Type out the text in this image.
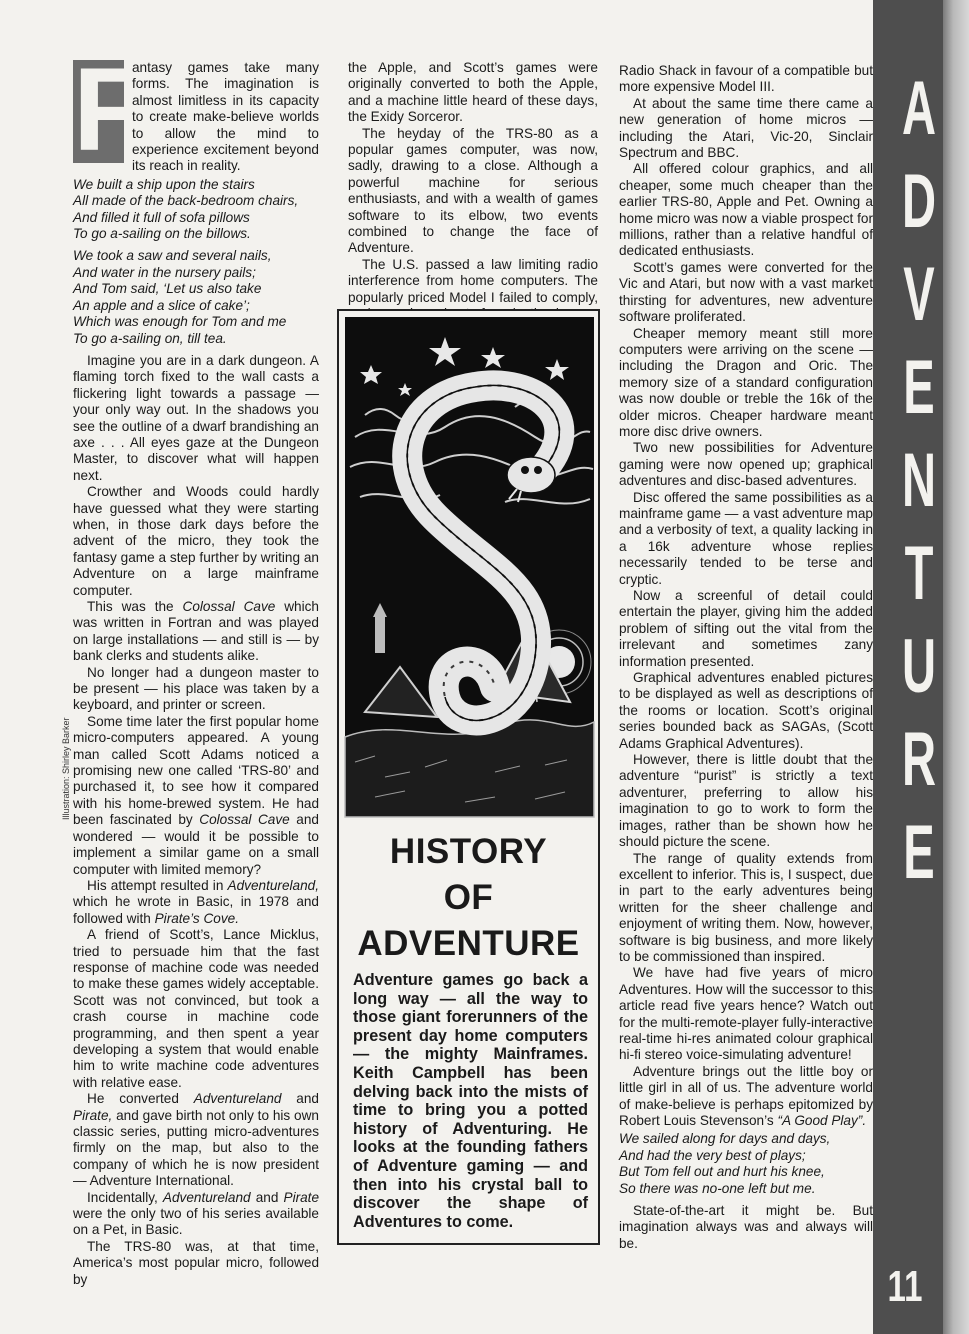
F

antasy games take many forms. The imagination is almost limitless in its capacity to create make-believe worlds to allow the mind to experience excitement beyond its reach in reality.

We built a ship upon the stairs
All made of the back-bedroom chairs,
And filled it full of sofa pillows
To go a-sailing on the billows.
We took a saw and several nails,
And water in the nursery pails;
And Tom said, ‘Let us also take
An apple and a slice of cake’;
Which was enough for Tom and me
To go a-sailing on, till tea.

Imagine you are in a dark dungeon. A flaming torch fixed to the wall casts a flickering light towards a passage — your only way out. In the shadows you see the outline of a dwarf brandishing an axe . . . All eyes gaze at the Dungeon Master, to discover what will happen next.

Crowther and Woods could hardly have guessed what they were starting when, in those dark days before the advent of the micro, they took the fantasy game a step further by writing an Adventure on a large mainframe computer.

This was the Colossal Cave which was written in Fortran and was played on large installations — and still is — by bank clerks and students alike.

No longer had a dungeon master to be present — his place was taken by a keyboard, and printer or screen.

Some time later the first popular home micro-computers appeared. A young man called Scott Adams noticed a promising new one called ‘TRS-80’ and purchased it, to see how it compared with his home-brewed system. He had been fascinated by Colossal Cave and wondered — would it be possible to implement a similar game on a small computer with limited memory?

His attempt resulted in Adventureland, which he wrote in Basic, in 1978 and followed with Pirate’s Cove.

A friend of Scott’s, Lance Micklus, tried to persuade him that the fast response of machine code was needed to make these games widely acceptable. Scott was not convinced, but took a crash course in machine code programming, and then spent a year developing a system that would enable him to write machine code adventures with relative ease.

He converted Adventureland and Pirate, and gave birth not only to his own classic series, putting micro-adventures firmly on the map, but also to the company of which he is now president — Adventure International.

Incidentally, Adventureland and Pirate were the only two of his series available on a Pet, in Basic.

The TRS-80 was, at that time, America’s most popular micro, followed by

Illustration: Shirley Barker

the Apple, and Scott’s games were originally converted to both the Apple, and a machine little heard of these days, the Exidy Sorceror.

The heyday of the TRS-80 as a popular games computer, was now, sadly, drawing to a close. Although a powerful machine for serious enthusiasts, and with a wealth of games software to its elbow, two events combined to change the face of Adventure.

The U.S. passed a law limiting radio interference from home computers. The popularly priced Model I failed to comply,

HISTORY
OF
ADVENTURE
Adventure games go back a long way — all the way to those giant forerunners of the present day home computers — the mighty Mainframes. Keith Campbell has been delving back into the mists of time to bring you a potted history of Adventuring. He looks at the founding fathers of Adventure gaming — and then into his crystal ball to discover the shape of Adventures to come.

Radio Shack in favour of a compatible but more expensive Model III.

At about the same time there came a new generation of home micros — including the Atari, Vic-20, Sinclair Spectrum and BBC.

All offered colour graphics, and all cheaper, some much cheaper than the earlier TRS-80, Apple and Pet. Owning a home micro was now a viable prospect for millions, rather than a relative handful of dedicated enthusiasts.

Scott’s games were converted for the Vic and Atari, but now with a vast market thirsting for adventures, new adventure software proliferated.

Cheaper memory meant still more computers were arriving on the scene — including the Dragon and Oric. The memory size of a standard configuration was now double or treble the 16k of the older micros. Cheaper hardware meant more disc drive owners.

Two new possibilities for Adventure gaming were now opened up; graphical adventures and disc-based adventures.

Disc offered the same possibilities as a mainframe game — a vast adventure map and a verbosity of text, a quality lacking in a 16k adventure whose replies necessarily tended to be terse and cryptic.

Now a screenful of detail could entertain the player, giving him the added problem of sifting out the vital from the irrelevant and sometimes zany information presented.

Graphical adventures enabled pictures to be displayed as well as descriptions of the rooms or location. Scott’s original series bounded back as SAGAs, (Scott Adams Graphical Adventures).

However, there is little doubt that the adventure “purist” is strictly a text adventurer, preferring to allow his imagination to go to work to form the images, rather than be shown how he should picture the scene.

The range of quality extends from excellent to inferior. This is, I suspect, due in part to the early adventures being written for the sheer challenge and enjoyment of writing them. Now, however, software is big business, and more likely to be commissioned than inspired.

We have had five years of micro Adventures. How will the successor to this article read five years hence? Watch out for the multi-remote-player fully-interactive real-time hi-res animated colour graphical hi-fi stereo voice-simulating adventure!

Adventure brings out the little boy or little girl in all of us. The adventure world of make-believe is perhaps epitomized by Robert Louis Stevenson’s “A Good Play”.

We sailed along for days and days,
And had the very best of plays;
But Tom fell out and hurt his knee,
So there was no-one left but me.

State-of-the-art it might be. But imagination always was and always will be.

A
D
V
E
N
T
U
R
E
11
